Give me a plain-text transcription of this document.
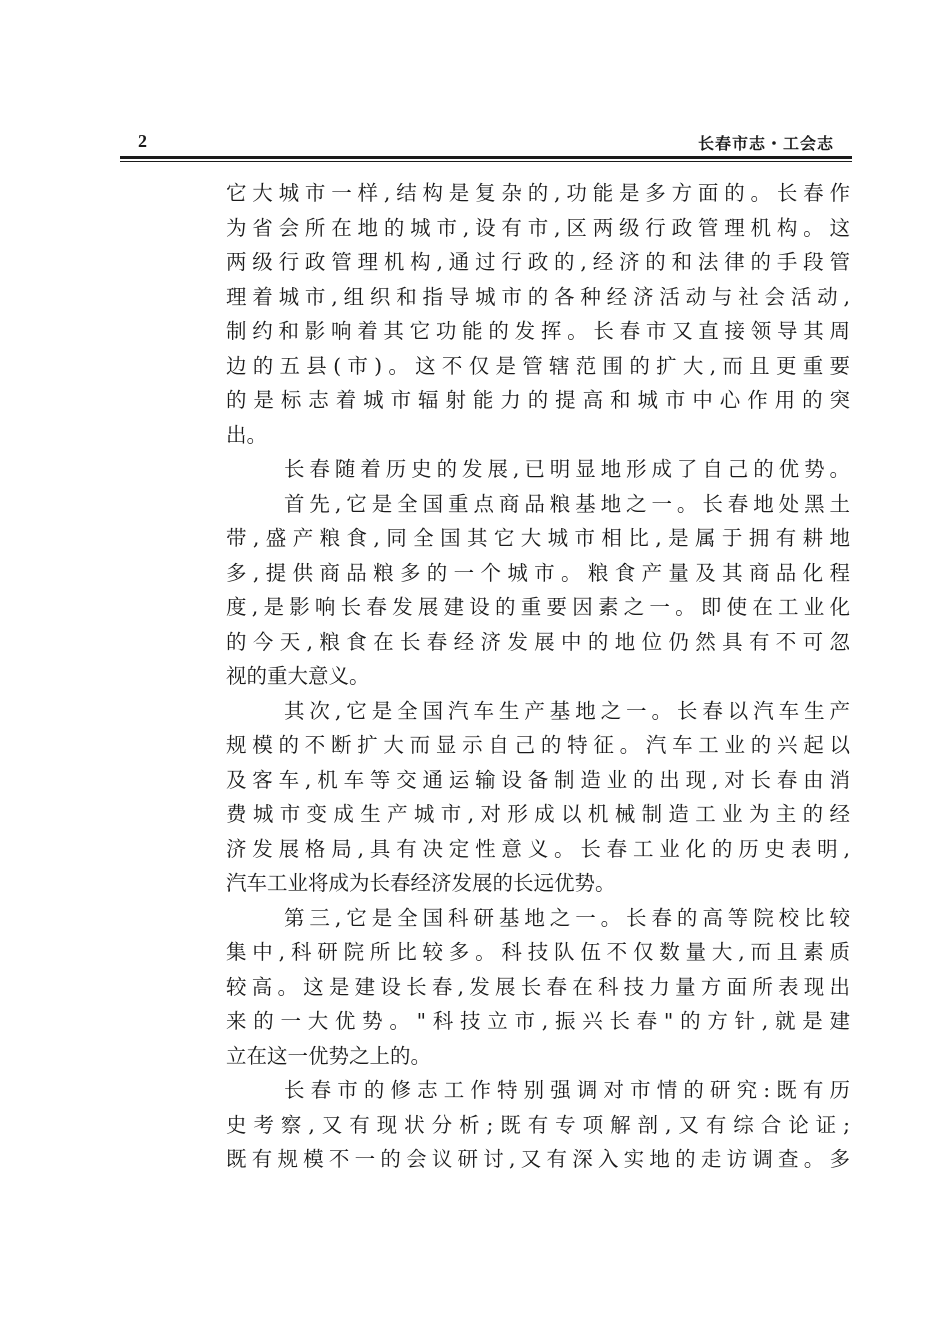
2	长春市志・工会志
它大城市一样,结构是复杂的,功能是多方面的。长春作
为省会所在地的城市,设有市,区两级行政管理机构。这
两级行政管理机构,通过行政的,经济的和法律的手段管
理着城市,组织和指导城市的各种经济活动与社会活动,
制约和影响着其它功能的发挥。长春市又直接领导其周
边的五县(市)。这不仅是管辖范围的扩大,而且更重要
的是标志着城市辐射能力的提高和城市中心作用的突
出。
长春随着历史的发展,已明显地形成了自己的优势。
首先,它是全国重点商品粮基地之一。长春地处黑土
带,盛产粮食,同全国其它大城市相比,是属于拥有耕地
多,提供商品粮多的一个城市。粮食产量及其商品化程
度,是影响长春发展建设的重要因素之一。即使在工业化
的今天,粮食在长春经济发展中的地位仍然具有不可忽
视的重大意义。
其次,它是全国汽车生产基地之一。长春以汽车生产
规模的不断扩大而显示自己的特征。汽车工业的兴起以
及客车,机车等交通运输设备制造业的出现,对长春由消
费城市变成生产城市,对形成以机械制造工业为主的经
济发展格局,具有决定性意义。长春工业化的历史表明,
汽车工业将成为长春经济发展的长远优势。
第三,它是全国科研基地之一。长春的高等院校比较
集中,科研院所比较多。科技队伍不仅数量大,而且素质
较高。这是建设长春,发展长春在科技力量方面所表现出
来的一大优势。"科技立市,振兴长春"的方针,就是建
立在这一优势之上的。
长春市的修志工作特别强调对市情的研究:既有历
史考察,又有现状分析;既有专项解剖,又有综合论证;
既有规模不一的会议研讨,又有深入实地的走访调查。多
